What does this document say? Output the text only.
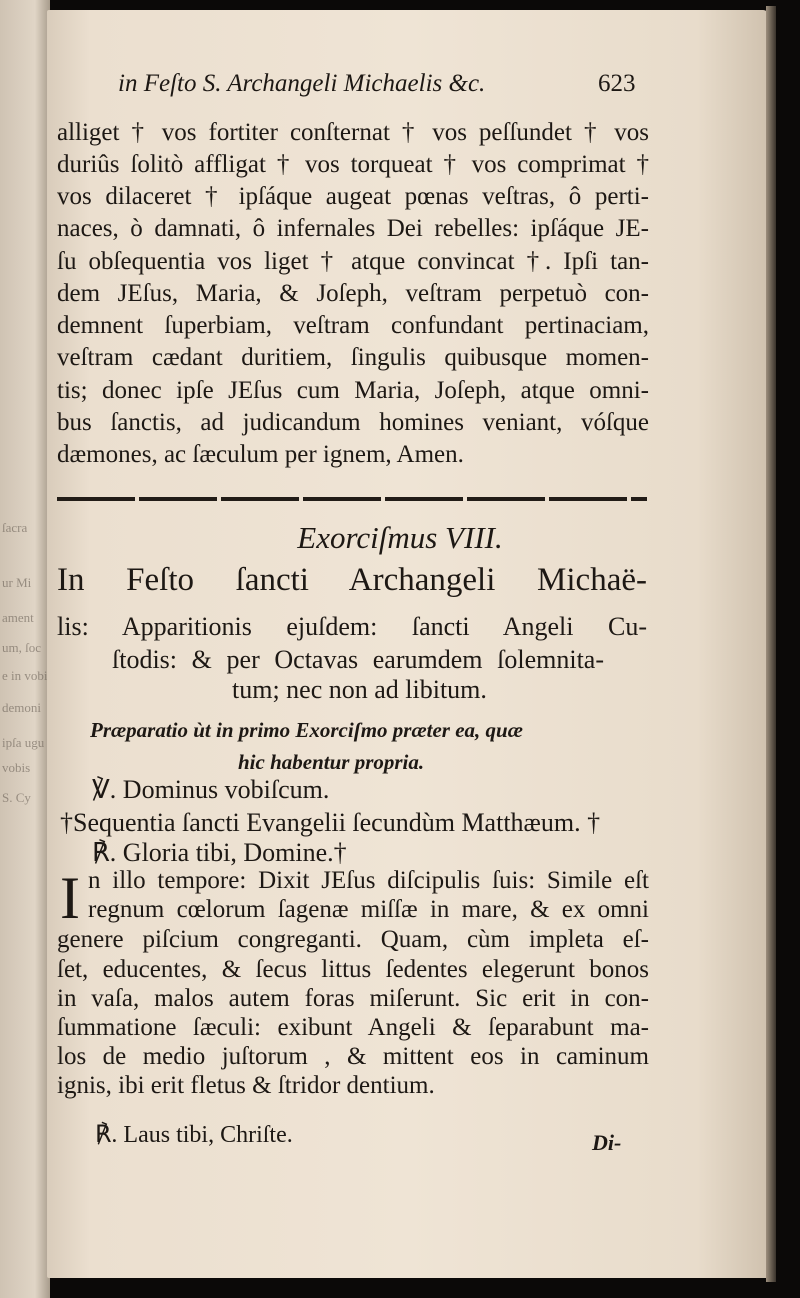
ſacra
ur Mi
ament
um, ſoc
e in vobi
demoni
ipſa ugu
vobis
S. Cy
in Feſto S. Archangeli Michaelis &c.	623
alliget † vos fortiter conſternat † vos peſſundet † vos
duriûs ſolitò affligat † vos torqueat † vos comprimat †
vos dilaceret † ipſáque augeat pœnas veſtras, ô perti-
naces, ò damnati, ô infernales Dei rebelles: ipſáque JE-
ſu obſequentia vos liget † atque convincat †. Ipſi tan-
dem JEſus, Maria, & Joſeph, veſtram perpetuò con-
demnent ſuperbiam, veſtram confundant pertinaciam,
veſtram cædant duritiem, ſingulis quibusque momen-
tis; donec ipſe JEſus cum Maria, Joſeph, atque omni-
bus ſanctis, ad judicandum homines veniant, vóſque
dæmones, ac ſæculum per ignem, Amen.
Exorciſmus VIII.
In Feſto ſancti Archangeli Michaë-
lis: Apparitionis ejuſdem: ſancti Angeli Cu-
ſtodis: & per Octavas earumdem ſolemnita-
tum; nec non ad libitum.
Præparatio ùt in primo Exorciſmo præter ea, quæ
hic habentur propria.
℣. Dominus vobiſcum.
†Sequentia ſancti Evangelii ſecundùm Matthæum. †
℟. Gloria tibi, Domine.†
I n illo tempore: Dixit JEſus diſcipulis ſuis: Simile eſt
regnum cœlorum ſagenæ miſſæ in mare, & ex omni
genere piſcium congreganti. Quam, cùm impleta eſ-
ſet, educentes, & ſecus littus ſedentes elegerunt bonos
in vaſa, malos autem foras miſerunt. Sic erit in con-
ſummatione ſæculi: exibunt Angeli & ſeparabunt ma-
los de medio juſtorum , & mittent eos in caminum
ignis, ibi erit fletus & ſtridor dentium.
℟. Laus tibi, Chriſte.	Di-
